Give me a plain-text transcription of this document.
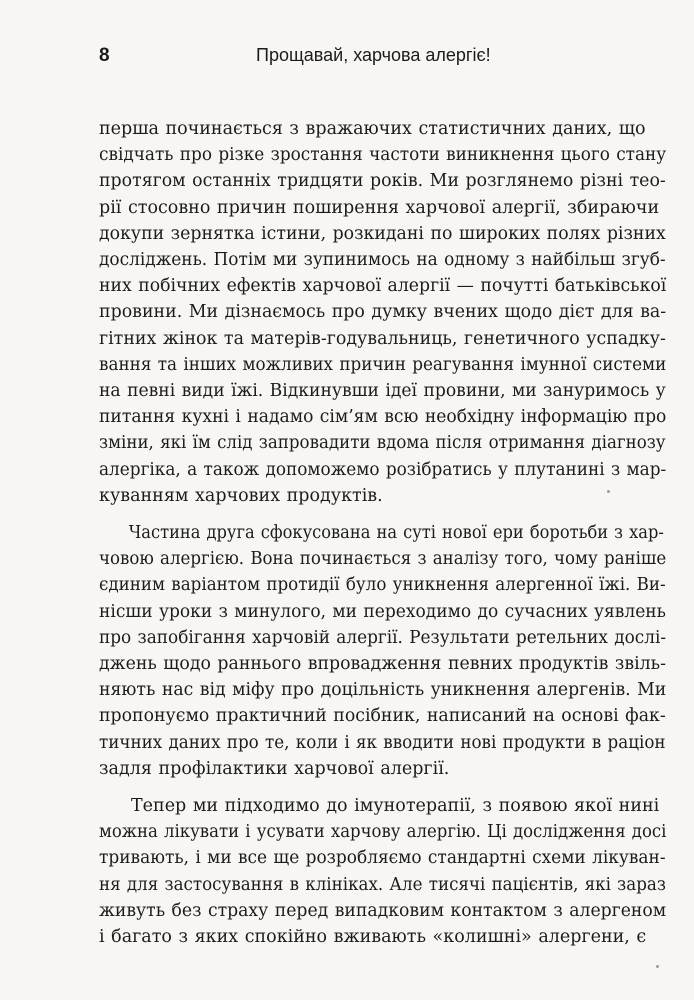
8	Прощавай, харчова алергіє!
перша починається з вражаючих статистичних даних, що
свідчать про різке зростання частоти виникнення цього стану
протягом останніх тридцяти років. Ми розглянемо різні тео-
рії стосовно причин поширення харчової алергії, збираючи
докупи зернятка істини, розкидані по широких полях різних
досліджень. Потім ми зупинимось на одному з найбільш згуб-
них побічних ефектів харчової алергії — почутті батьківської
провини. Ми дізнаємось про думку вчених щодо дієт для ва-
гітних жінок та матерів-годувальниць, генетичного успадку-
вання та інших можливих причин реагування імунної системи
на певні види їжі. Відкинувши ідеї провини, ми зануримось у
питання кухні і надамо сім’ям всю необхідну інформацію про
зміни, які їм слід запровадити вдома після отримання діагнозу
алергіка, а також допоможемо розібратись у плутанині з мар-
куванням харчових продуктів.
Частина друга сфокусована на суті нової ери боротьби з хар-
човою алергією. Вона починається з аналізу того, чому раніше
єдиним варіантом протидії було уникнення алергенної їжі. Ви-
нісши уроки з минулого, ми переходимо до сучасних уявлень
про запобігання харчовій алергії. Результати ретельних дослі-
джень щодо раннього впровадження певних продуктів звіль-
няють нас від міфу про доцільність уникнення алергенів. Ми
пропонуємо практичний посібник, написаний на основі фак-
тичних даних про те, коли і як вводити нові продукти в раціон
задля профілактики харчової алергії.
Тепер ми підходимо до імунотерапії, з появою якої нині
можна лікувати і усувати харчову алергію. Ці дослідження досі
тривають, і ми все ще розробляємо стандартні схеми лікуван-
ня для застосування в клініках. Але тисячі пацієнтів, які зараз
живуть без страху перед випадковим контактом з алергеном
і багато з яких спокійно вживають «колишні» алергени, є
